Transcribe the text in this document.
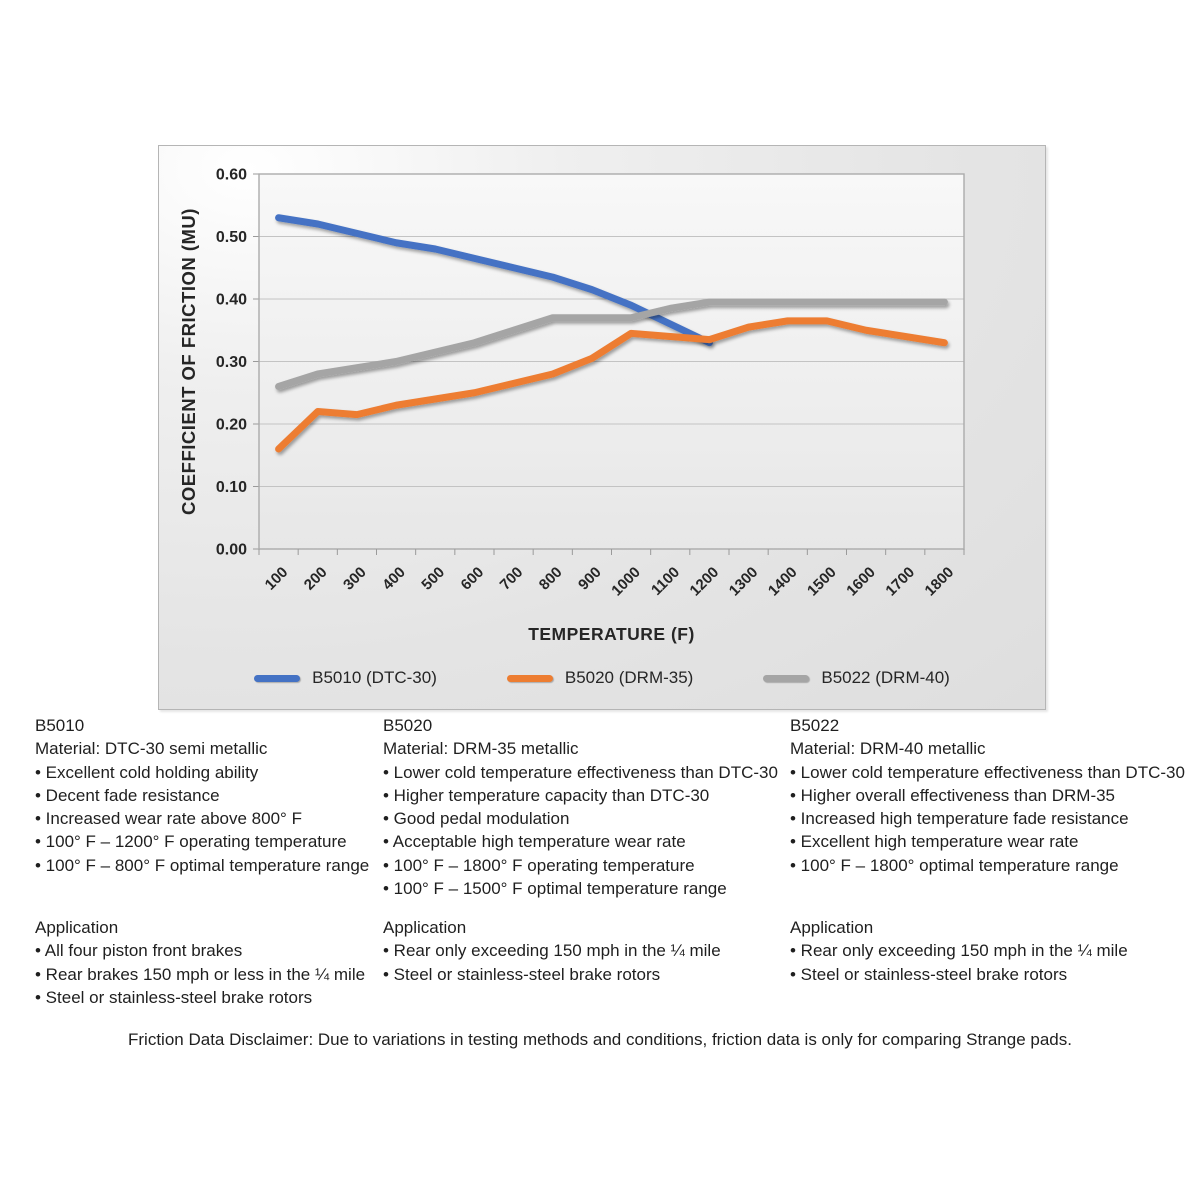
0.00
0.10
0.20
0.30
0.40
0.50
0.60
100 200 300 400 500 600 700 800 900 1000 1100 1200 1300 1400 1500 1600 1700 1800
TEMPERATURE (F)
COEFFICIENT OF FRICTION (MU)
B5010 (DTC-30)	B5020 (DRM-35)	B5022 (DRM-40)
B5010
Material: DTC-30 semi metallic
• Excellent cold holding ability
• Decent fade resistance
• Increased wear rate above 800° F
• 100° F – 1200° F operating temperature
• 100° F – 800° F optimal temperature range
B5020
Material: DRM-35 metallic
• Lower cold temperature effectiveness than DTC-30
• Higher temperature capacity than DTC-30
• Good pedal modulation
• Acceptable high temperature wear rate
• 100° F – 1800° F operating temperature
• 100° F – 1500° F optimal temperature range
B5022
Material: DRM-40 metallic
• Lower cold temperature effectiveness than DTC-30
• Higher overall effectiveness than DRM-35
• Increased high temperature fade resistance
• Excellent high temperature wear rate
• 100° F – 1800° optimal temperature range
Application
• All four piston front brakes
• Rear brakes 150 mph or less in the ¼ mile
• Steel or stainless-steel brake rotors
Application
• Rear only exceeding 150 mph in the ¼ mile
• Steel or stainless-steel brake rotors
Application
• Rear only exceeding 150 mph in the ¼ mile
• Steel or stainless-steel brake rotors
Friction Data Disclaimer: Due to variations in testing methods and conditions, friction data is only for comparing Strange pads.
